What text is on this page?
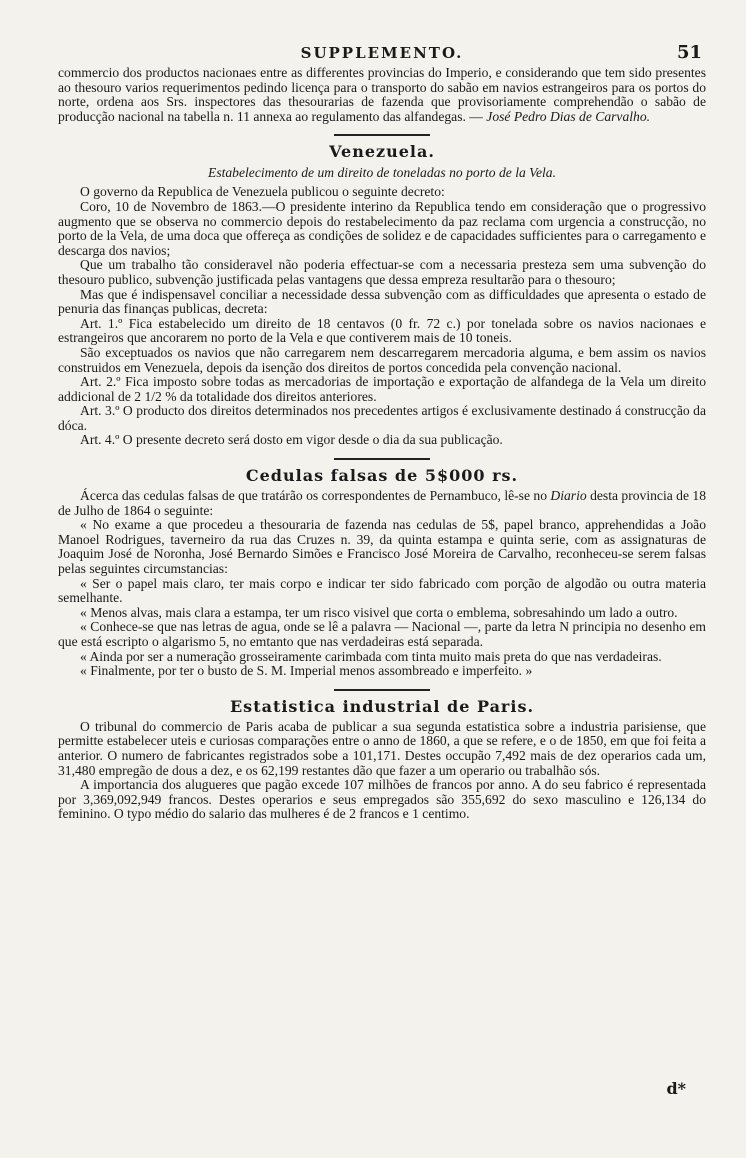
SUPPLEMENTO.	51

commercio dos productos nacionaes entre as differentes provincias do Imperio, e considerando que tem sido presentes ao thesouro varios requerimentos pedindo licença para o transporto do sabão em navios estrangeiros para os portos do norte, ordena aos Srs. inspectores das thesourarias de fazenda que provisoriamente comprehendão o sabão de producção nacional na tabella n. 11 annexa ao regulamento das alfandegas. — José Pedro Dias de Carvalho.

Venezuela.
Estabelecimento de um direito de toneladas no porto de la Vela.

O governo da Republica de Venezuela publicou o seguinte decreto:

Coro, 10 de Novembro de 1863.—O presidente interino da Republica tendo em consideração que o progressivo augmento que se observa no commercio depois do restabelecimento da paz reclama com urgencia a construcção, no porto de la Vela, de uma doca que offereça as condições de solidez e de capacidades sufficientes para o carregamento e descarga dos navios;

Que um trabalho tão consideravel não poderia effectuar-se com a necessaria presteza sem uma subvenção do thesouro publico, subvenção justificada pelas vantagens que dessa empreza resultarão para o thesouro;

Mas que é indispensavel conciliar a necessidade dessa subvenção com as difficuldades que apresenta o estado de penuria das finanças publicas, decreta:

Art. 1.º Fica estabelecido um direito de 18 centavos (0 fr. 72 c.) por tonelada sobre os navios nacionaes e estrangeiros que ancorarem no porto de la Vela e que contiverem mais de 10 toneis.

São exceptuados os navios que não carregarem nem descarregarem mercadoria alguma, e bem assim os navios construidos em Venezuela, depois da isenção dos direitos de portos concedida pela convenção nacional.

Art. 2.º Fica imposto sobre todas as mercadorias de importação e exportação de alfandega de la Vela um direito addicional de 2 1/2 % da totalidade dos direitos anteriores.

Art. 3.º O producto dos direitos determinados nos precedentes artigos é exclusivamente destinado á construcção da dóca.

Art. 4.º O presente decreto será dosto em vigor desde o dia da sua publicação.

Cedulas falsas de 5$000 rs.

Ácerca das cedulas falsas de que tratárão os correspondentes de Pernambuco, lê-se no Diario desta provincia de 18 de Julho de 1864 o seguinte:

« No exame a que procedeu a thesouraria de fazenda nas cedulas de 5$, papel branco, apprehendidas a João Manoel Rodrigues, taverneiro da rua das Cruzes n. 39, da quinta estampa e quinta serie, com as assignaturas de Joaquim José de Noronha, José Bernardo Simões e Francisco José Moreira de Carvalho, reconheceu-se serem falsas pelas seguintes circumstancias:

« Ser o papel mais claro, ter mais corpo e indicar ter sido fabricado com porção de algodão ou outra materia semelhante.

« Menos alvas, mais clara a estampa, ter um risco visivel que corta o emblema, sobresahindo um lado a outro.

« Conhece-se que nas letras de agua, onde se lê a palavra — Nacional —, parte da letra N principia no desenho em que está escripto o algarismo 5, no emtanto que nas verdadeiras está separada.

« Ainda por ser a numeração grosseiramente carimbada com tinta muito mais preta do que nas verdadeiras.

« Finalmente, por ter o busto de S. M. Imperial menos assombreado e imperfeito. »

Estatistica industrial de Paris.

O tribunal do commercio de Paris acaba de publicar a sua segunda estatistica sobre a industria parisiense, que permitte estabelecer uteis e curiosas comparações entre o anno de 1860, a que se refere, e o de 1850, em que foi feita a anterior. O numero de fabricantes registrados sobe a 101,171. Destes occupão 7,492 mais de dez operarios cada um, 31,480 empregão de dous a dez, e os 62,199 restantes dão que fazer a um operario ou trabalhão sós.

A importancia dos alugueres que pagão excede 107 milhões de francos por anno. A do seu fabrico é representada por 3,369,092,949 francos. Destes operarios e seus empregados são 355,692 do sexo masculino e 126,134 do feminino. O typo médio do salario das mulheres é de 2 francos e 1 centimo.

d*
